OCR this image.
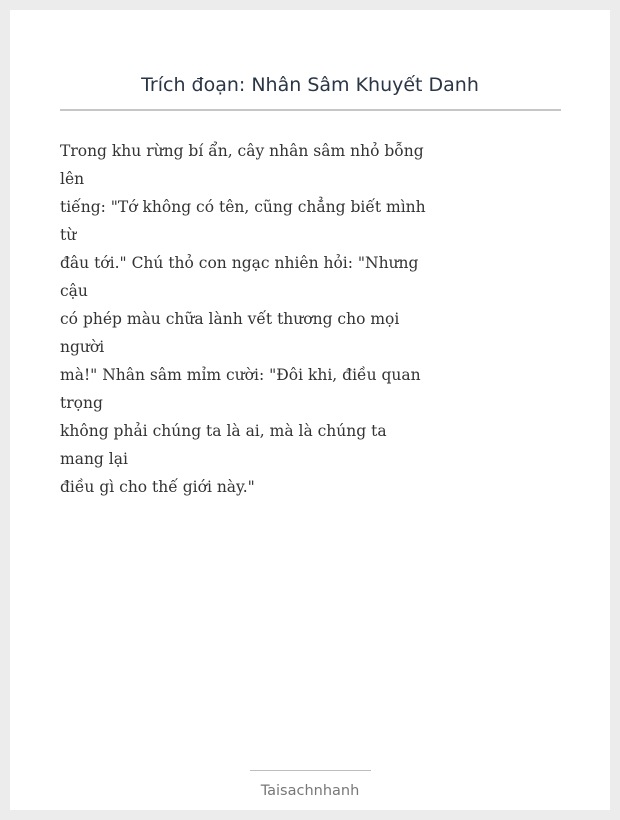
Trích đoạn: Nhân Sâm Khuyết Danh
Trong khu rừng bí ẩn, cây nhân sâm nhỏ bỗng
lên
tiếng: "Tớ không có tên, cũng chẳng biết mình
từ
đâu tới." Chú thỏ con ngạc nhiên hỏi: "Nhưng
cậu
có phép màu chữa lành vết thương cho mọi
người
mà!" Nhân sâm mỉm cười: "Đôi khi, điều quan
trọng
không phải chúng ta là ai, mà là chúng ta
mang lại
điều gì cho thế giới này."
Taisachnhanh
